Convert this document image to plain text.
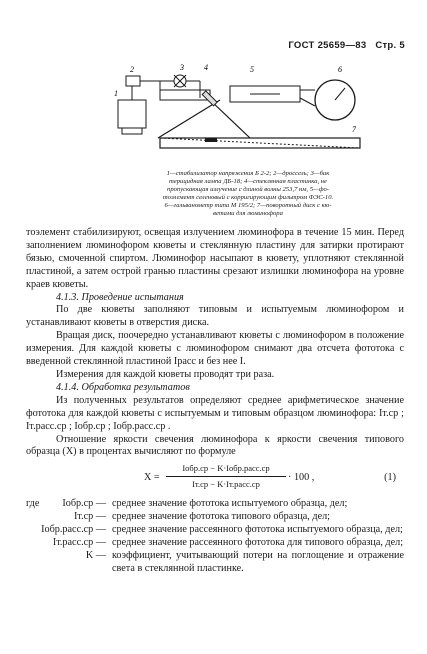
ГОСТ 25659—83 Стр. 5
1
2	3	4	5	6
7
1—стабилизатор напряжения Б 2-2; 2—дроссель; 3—бак
терицидная лампа ДБ-18; 4—стеклянная пластинка, не
пропускающая излучение с длиной волны 253,7 нм, 5—фо-
тоэлемент селеновый с корригирующим фильтром ФЭС-10.
6—гальванометр типа М 195/2; 7—поворотный диск с кю-
ветами для люминофора

тоэлемент стабилизируют, освещая излучением люминофора в течение 15 мин. Перед заполнением люминофором кюветы и стеклянную пластину для затирки протирают бязью, смоченной спиртом. Люминофор насыпают в кювету, уплотняют стеклянной пластиной, а затем острой гранью пластины срезают излишки люминофора на уровне краев кюветы.

4.1.3. Проведение испытания

По две кюветы заполняют типовым и испытуемым люминофором и устанавливают кюветы в отверстия диска.

Вращая диск, поочередно устанавливают кюветы с люминофором в положение измерения. Для каждой кюветы с люминофором снимают два отсчета фототока с введенной стеклянной пластиной Iрасс и без нее I.

Измерения для каждой кюветы проводят три раза.

4.1.4. Обработка результатов

Из полученных результатов определяют среднее арифметическое значение фототока для каждой кюветы с испытуемым и типовым образцом люминофора: Iт.ср ; Iт.расс.ср ; Iобр.ср ; Iобр.расс.ср .

Отношение яркости свечения люминофора к яркости свечения типового образца (X) в процентах вычисляют по формуле

X =
Iобр.ср − K·Iобр.расс.ср
Iт.ср − K·Iт.расс.ср
· 100 ,	(1)
где Iобр.ср — среднее значение фототока испытуемого образца, дел;
Iт.ср — среднее значение фототока типового образца, дел;
Iобр.расс.ср — среднее значение рассеянного фототока испытуемого образца, дел;
Iт.расс.ср — среднее значение рассеянного фототока для типового образца, дел;
K — коэффициент, учитывающий потери на поглощение и отражение света в стеклянной пластинке.
